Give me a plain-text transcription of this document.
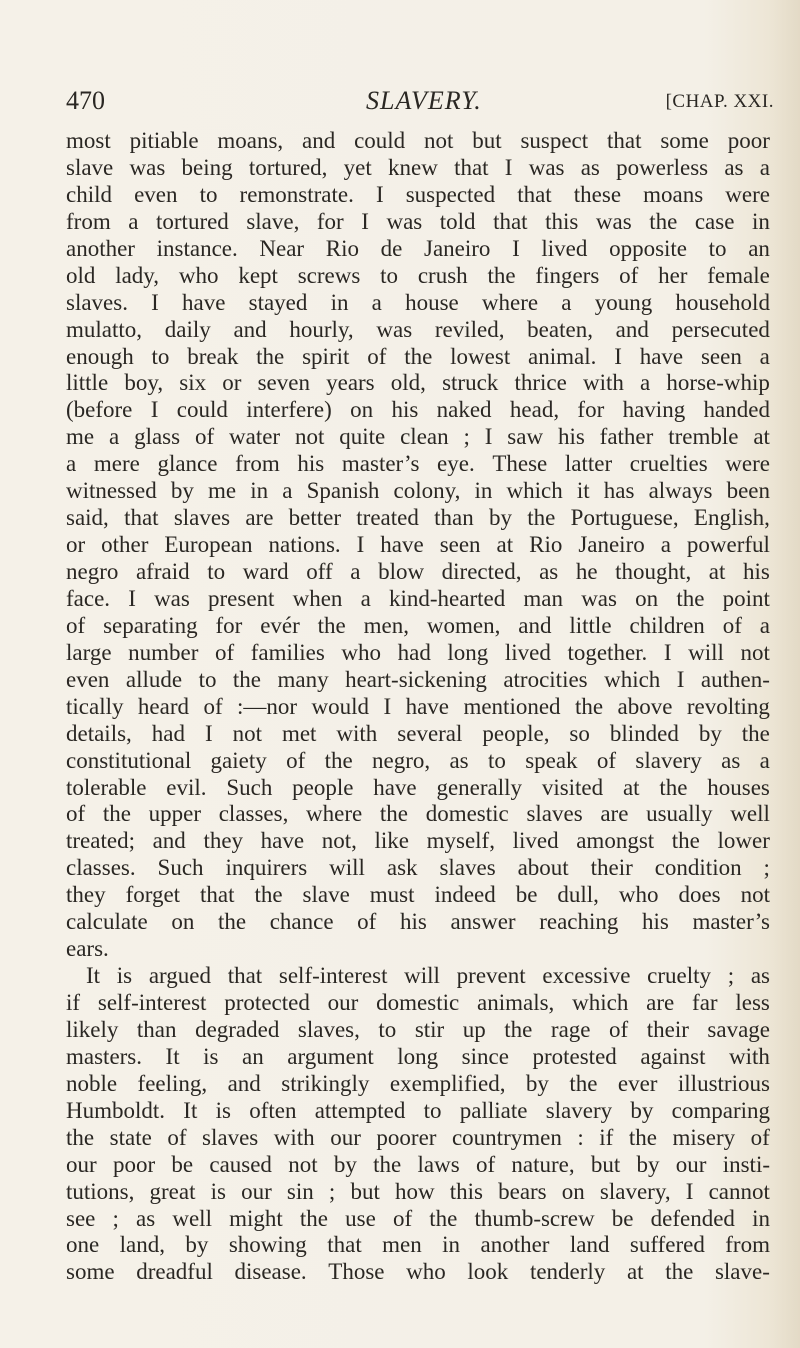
470	SLAVERY.	[CHAP. XXI.
most pitiable moans, and could not but suspect that some poor
slave was being tortured, yet knew that I was as powerless as a
child even to remonstrate. I suspected that these moans were
from a tortured slave, for I was told that this was the case in
another instance. Near Rio de Janeiro I lived opposite to an
old lady, who kept screws to crush the fingers of her female
slaves. I have stayed in a house where a young household
mulatto, daily and hourly, was reviled, beaten, and persecuted
enough to break the spirit of the lowest animal. I have seen a
little boy, six or seven years old, struck thrice with a horse-whip
(before I could interfere) on his naked head, for having handed
me a glass of water not quite clean ; I saw his father tremble at
a mere glance from his master’s eye. These latter cruelties were
witnessed by me in a Spanish colony, in which it has always been
said, that slaves are better treated than by the Portuguese, English,
or other European nations. I have seen at Rio Janeiro a powerful
negro afraid to ward off a blow directed, as he thought, at his
face. I was present when a kind-hearted man was on the point
of separating for evér the men, women, and little children of a
large number of families who had long lived together. I will not
even allude to the many heart-sickening atrocities which I authen-
tically heard of :—nor would I have mentioned the above revolting
details, had I not met with several people, so blinded by the
constitutional gaiety of the negro, as to speak of slavery as a
tolerable evil. Such people have generally visited at the houses
of the upper classes, where the domestic slaves are usually well
treated; and they have not, like myself, lived amongst the lower
classes. Such inquirers will ask slaves about their condition ;
they forget that the slave must indeed be dull, who does not
calculate on the chance of his answer reaching his master’s
ears.
It is argued that self-interest will prevent excessive cruelty ; as
if self-interest protected our domestic animals, which are far less
likely than degraded slaves, to stir up the rage of their savage
masters. It is an argument long since protested against with
noble feeling, and strikingly exemplified, by the ever illustrious
Humboldt. It is often attempted to palliate slavery by comparing
the state of slaves with our poorer countrymen : if the misery of
our poor be caused not by the laws of nature, but by our insti-
tutions, great is our sin ; but how this bears on slavery, I cannot
see ; as well might the use of the thumb-screw be defended in
one land, by showing that men in another land suffered from
some dreadful disease. Those who look tenderly at the slave-
